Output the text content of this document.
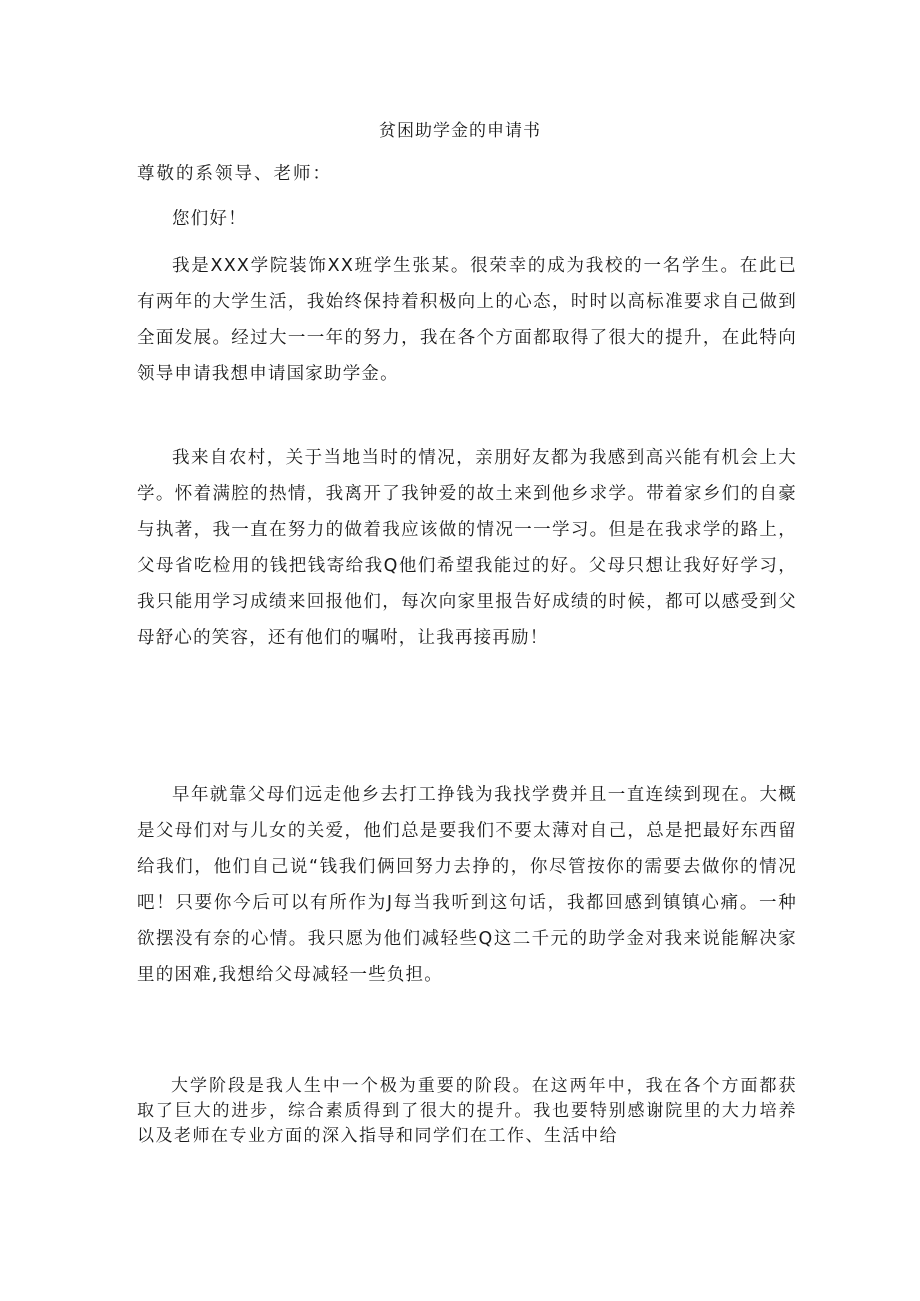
贫困助学金的申请书
尊敬的系领导、老师：

您们好！

我是XXX学院装饰XX班学生张某。很荣幸的成为我校的一名学生。在此已有两年的大学生活，我始终保持着积极向上的心态，时时以高标准要求自己做到全面发展。经过大一一年的努力，我在各个方面都取得了很大的提升，在此特向领导申请我想申请国家助学金。

我来自农村，关于当地当时的情况，亲朋好友都为我感到高兴能有机会上大学。怀着满腔的热情，我离开了我钟爱的故土来到他乡求学。带着家乡们的自豪与执著，我一直在努力的做着我应该做的情况一一学习。但是在我求学的路上，父母省吃检用的钱把钱寄给我Q他们希望我能过的好。父母只想让我好好学习，我只能用学习成绩来回报他们，每次向家里报告好成绩的时候，都可以感受到父母舒心的笑容，还有他们的嘱咐，让我再接再励！

早年就靠父母们远走他乡去打工挣钱为我找学费并且一直连续到现在。大概是父母们对与儿女的关爱，他们总是要我们不要太薄对自己，总是把最好东西留给我们，他们自己说“钱我们俩回努力去挣的，你尽管按你的需要去做你的情况吧！只要你今后可以有所作为J每当我听到这句话，我都回感到镇镇心痛。一种欲摆没有奈的心情。我只愿为他们减轻些Q这二千元的助学金对我来说能解决家里的困难,我想给父母减轻一些负担。

大学阶段是我人生中一个极为重要的阶段。在这两年中，我在各个方面都获取了巨大的进步，综合素质得到了很大的提升。我也要特别感谢院里的大力培养以及老师在专业方面的深入指导和同学们在工作、生活中给
